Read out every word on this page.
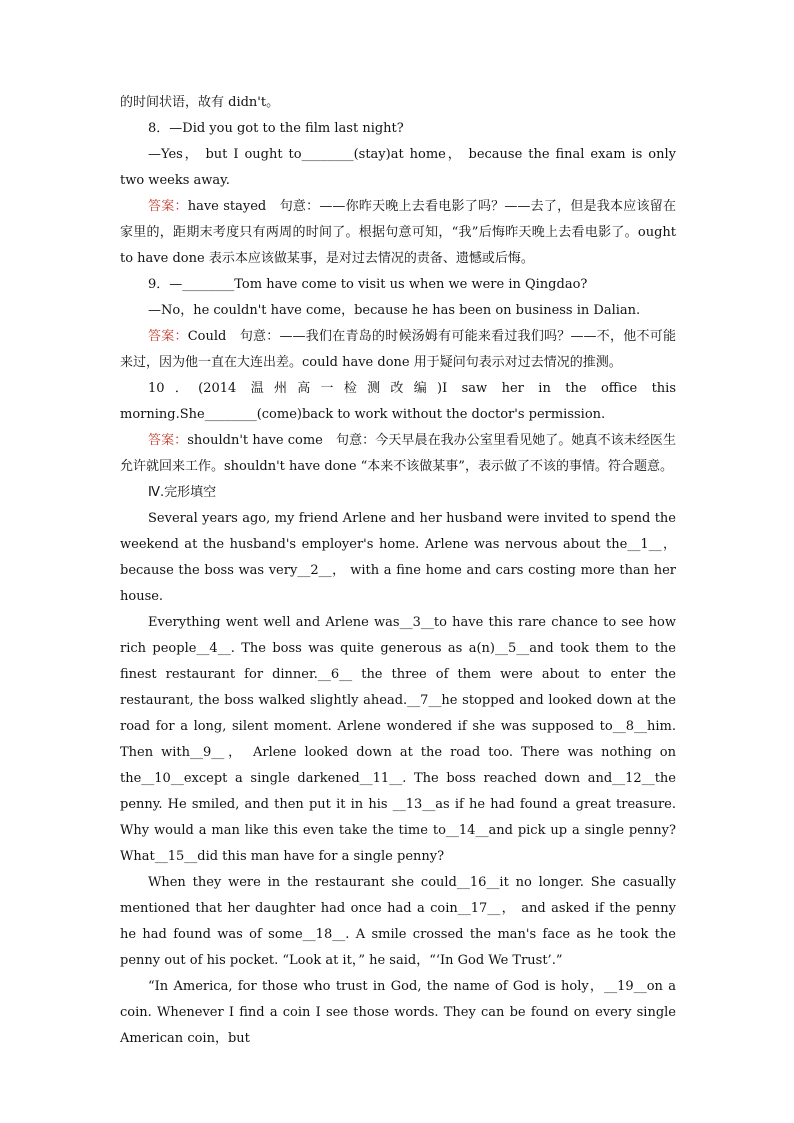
的时间状语，故有 didn't。

8．—Did you got to the film last night?

—Yes， but I ought to________(stay)at home， because the final exam is only two weeks away.

答案：have stayed　句意：——你昨天晚上去看电影了吗？——去了，但是我本应该留在家里的，距期末考度只有两周的时间了。根据句意可知，“我”后悔昨天晚上去看电影了。ought to have done 表示本应该做某事，是对过去情况的责备、遗憾或后悔。

9．—________Tom have come to visit us when we were in Qingdao?

—No，he couldn't have come，because he has been on business in Dalian.

答案：Could　句意：——我们在青岛的时候汤姆有可能来看过我们吗？——不，他不可能来过，因为他一直在大连出差。could have done 用于疑问句表示对过去情况的推测。

10．(2014 温州高一检测改编)I saw her in the office this morning.She________(come)back to work without the doctor's permission.

答案：shouldn't have come　句意：今天早晨在我办公室里看见她了。她真不该未经医生允许就回来工作。shouldn't have done “本来不该做某事”，表示做了不该的事情。符合题意。

Ⅳ.完形填空

Several years ago, my friend Arlene and her husband were invited to spend the weekend at the husband's employer's home. Arlene was nervous about the__1__， because the boss was very__2__， with a fine home and cars costing more than her house.

Everything went well and Arlene was__3__to have this rare chance to see how rich people__4__. The boss was quite generous as a(n)__5__and took them to the finest restaurant for dinner.__6__ the three of them were about to enter the restaurant, the boss walked slightly ahead.__7__he stopped and looked down at the road for a long, silent moment. Arlene wondered if she was supposed to__8__him. Then with__9__， Arlene looked down at the road too. There was nothing on the__10__except a single darkened__11__. The boss reached down and__12__the penny. He smiled, and then put it in his __13__as if he had found a great treasure. Why would a man like this even take the time to__14__and pick up a single penny? What__15__did this man have for a single penny?

When they were in the restaurant she could__16__it no longer. She casually mentioned that her daughter had once had a coin__17__， and asked if the penny he had found was of some__18__. A smile crossed the man's face as he took the penny out of his pocket. “Look at it，” he said，“‘In God We Trust’.”

“In America, for those who trust in God, the name of God is holy，__19__on a coin. Whenever I find a coin I see those words. They can be found on every single American coin，but
